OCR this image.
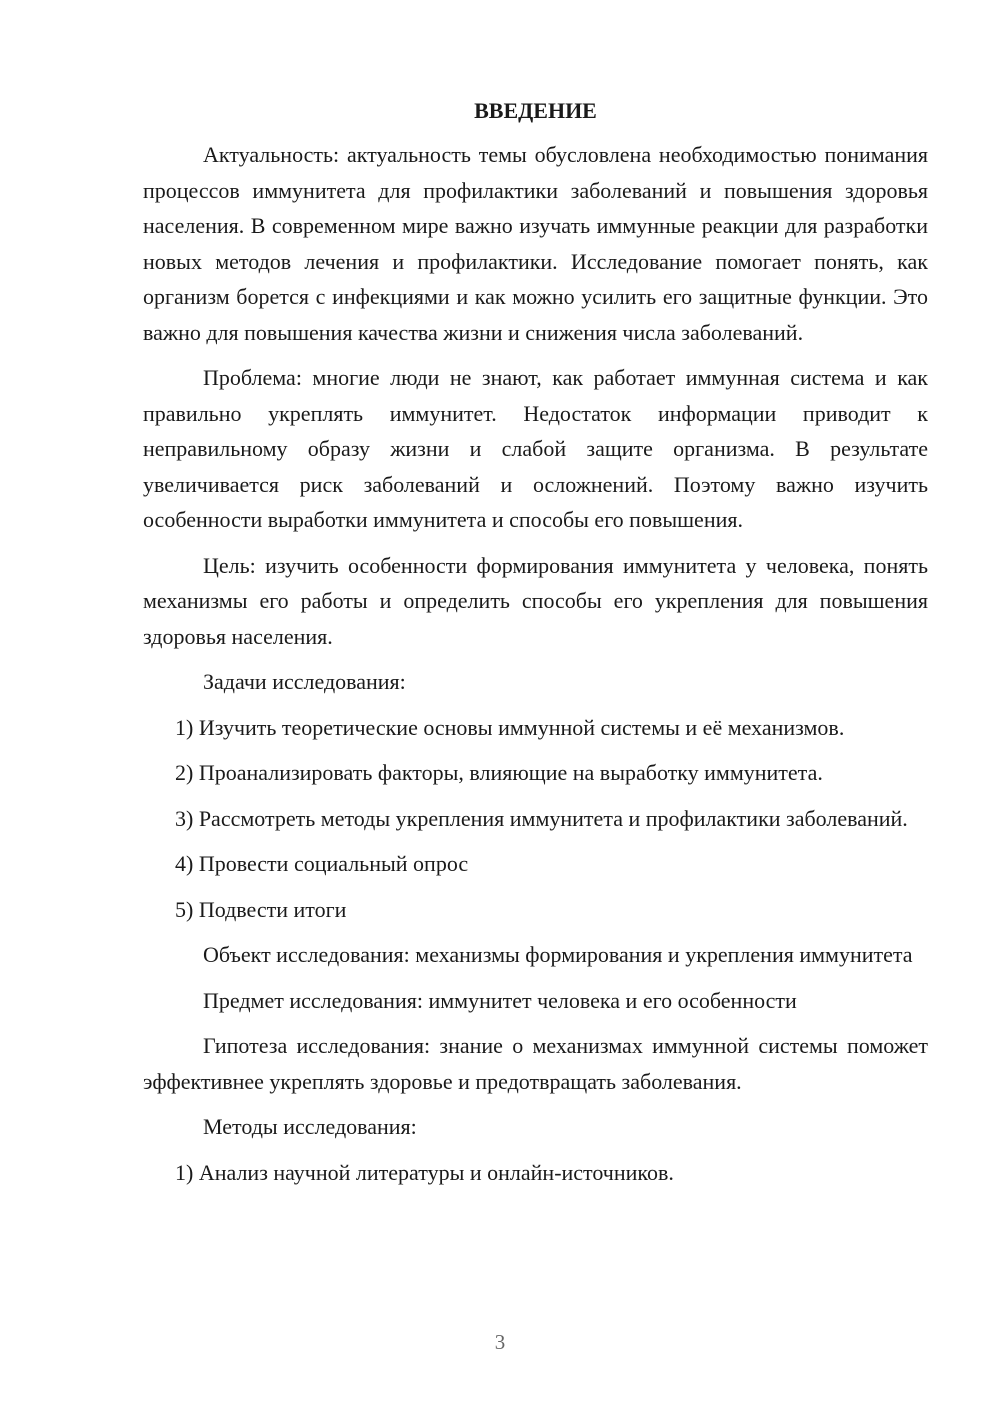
ВВЕДЕНИЕ

Актуальность: актуальность темы обусловлена необходимостью понимания процессов иммунитета для профилактики заболеваний и повышения здоровья населения. В современном мире важно изучать иммунные реакции для разработки новых методов лечения и профилактики. Исследование помогает понять, как организм борется с инфекциями и как можно усилить его защитные функции. Это важно для повышения качества жизни и снижения числа заболеваний.

Проблема: многие люди не знают, как работает иммунная система и как правильно укреплять иммунитет. Недостаток информации приводит к неправильному образу жизни и слабой защите организма. В результате увеличивается риск заболеваний и осложнений. Поэтому важно изучить особенности выработки иммунитета и способы его повышения.

Цель: изучить особенности формирования иммунитета у человека, понять механизмы его работы и определить способы его укрепления для повышения здоровья населения.

Задачи исследования:

1) Изучить теоретические основы иммунной системы и её механизмов.

2) Проанализировать факторы, влияющие на выработку иммунитета.

3) Рассмотреть методы укрепления иммунитета и профилактики заболеваний.

4) Провести социальный опрос

5) Подвести итоги

Объект исследования: механизмы формирования и укрепления иммунитета

Предмет исследования: иммунитет человека и его особенности

Гипотеза исследования: знание о механизмах иммунной системы поможет эффективнее укреплять здоровье и предотвращать заболевания.

Методы исследования:

1) Анализ научной литературы и онлайн-источников.

3
